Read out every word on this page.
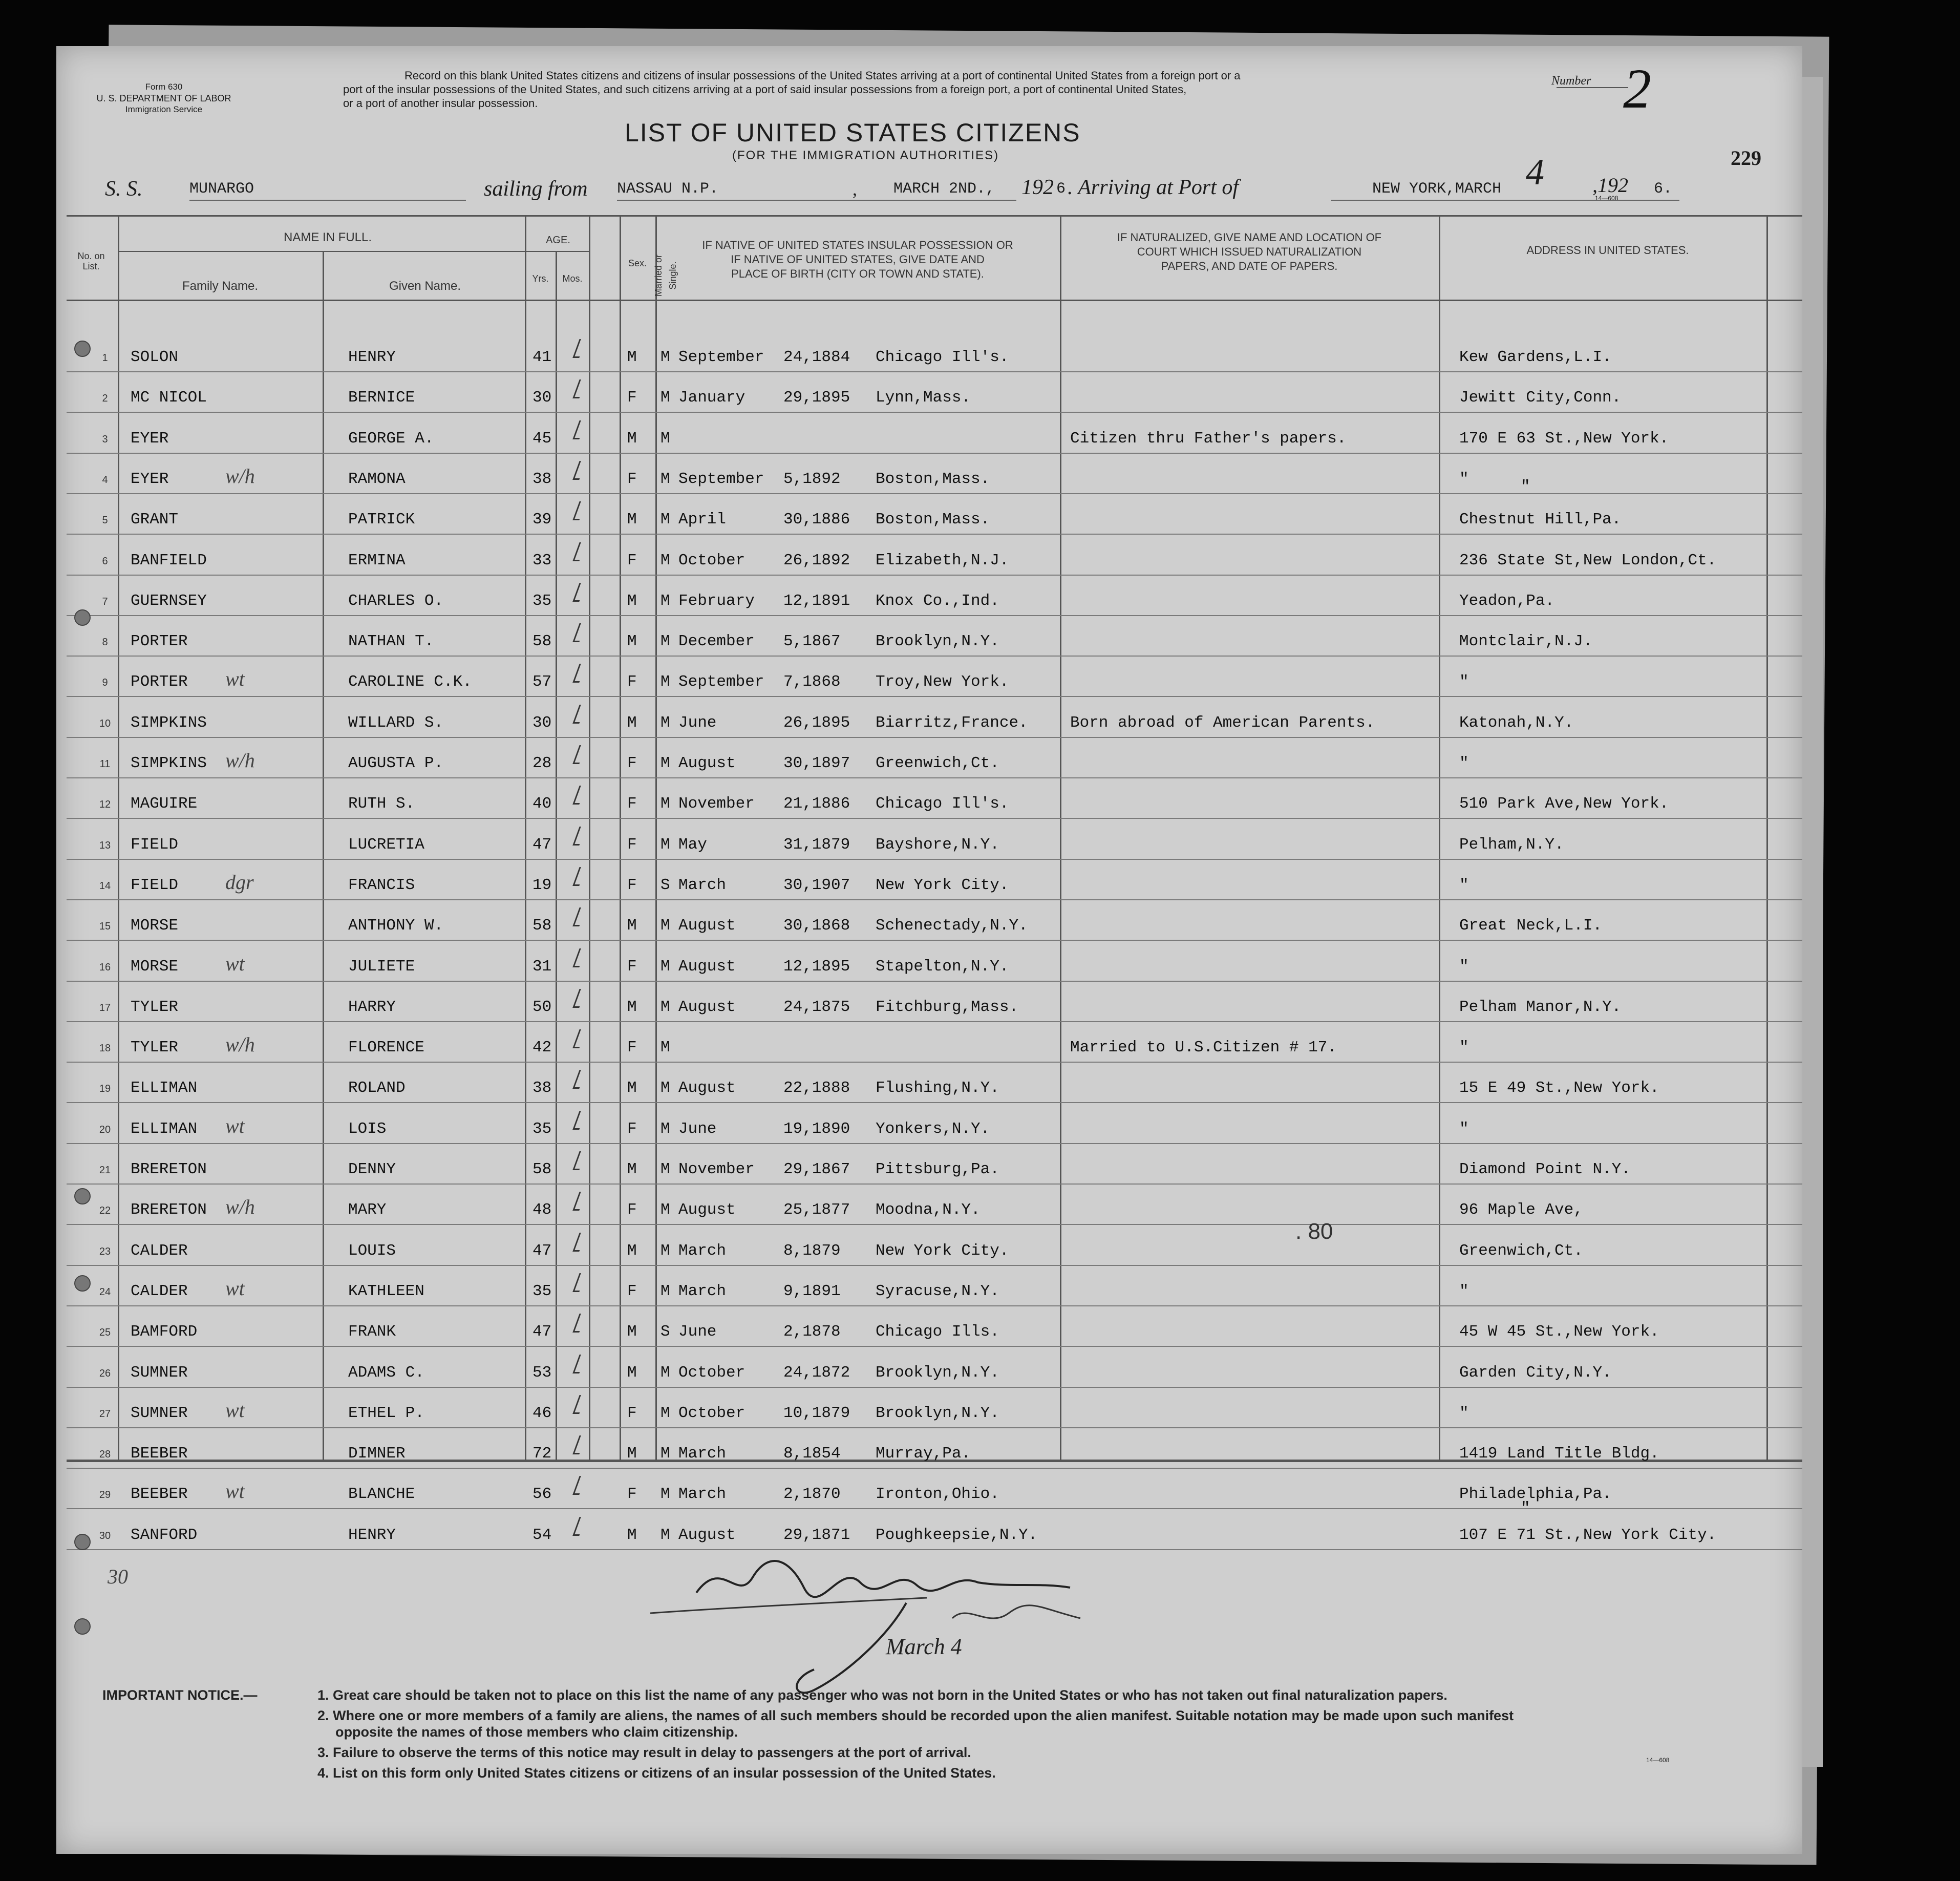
Form 630
U. S. DEPARTMENT OF LABOR
Immigration Service
Record on this blank United States citizens and citizens of insular possessions of the United States arriving at a port of continental United States from a foreign port or a
port of the insular possessions of the United States, and such citizens arriving at a port of said insular possessions from a foreign port, a port of continental United States,
or a port of another insular possession.
LIST OF UNITED STATES CITIZENS
(FOR THE IMMIGRATION AUTHORITIES)
Number 2
229
S. S.	MUNARGO	sailing from NASSAU N.P.	, MARCH 2ND., 192 6 . Arriving at Port of	NEW YORK,MARCH 4 ,192 6.
14—608
No. on List.
NAME IN FULL.
Family Name.	Given Name.
AGE.
Yrs.	Mos.
Sex. Married or Single.
IF NATIVE OF UNITED STATES INSULAR POSSESSION OR
IF NATIVE OF UNITED STATES, GIVE DATE AND
PLACE OF BIRTH (CITY OR TOWN AND STATE).
IF NATURALIZED, GIVE NAME AND LOCATION OF
COURT WHICH ISSUED NATURALIZATION
PAPERS, AND DATE OF PAPERS.
ADDRESS IN UNITED STATES.
1	SOLON	HENRY	41	M M September 24,1884 Chicago Ill's.	Kew Gardens,L.I.
2	MC NICOL	BERNICE	30	F M January 29,1895 Lynn,Mass.	Jewitt City,Conn.
3	EYER	GEORGE A.	45	M M	Citizen thru Father's papers.	170 E 63 St.,New York.
4	EYER	RAMONA	38	F M September 5,1892 Boston,Mass.	"
w/h
5	GRANT	PATRICK	39	M M April	30,1886 Boston,Mass.	Chestnut Hill,Pa.
6	BANFIELD	ERMINA	33	F M October 26,1892 Elizabeth,N.J.	236 State St,New London,Ct.
7	GUERNSEY	CHARLES O.	35	M M February 12,1891 Knox Co.,Ind.	Yeadon,Pa.
8	PORTER	NATHAN T.	58	M M December 5,1867 Brooklyn,N.Y.	Montclair,N.J.
9	PORTER	CAROLINE C.K.	57	F M September 7,1868 Troy,New York.	"
wt
10	SIMPKINS	WILLARD S.	30	M M June	26,1895 Biarritz,France.	Born abroad of American Parents.	Katonah,N.Y.
11	SIMPKINS	AUGUSTA P.	28	F M August	30,1897 Greenwich,Ct.	"
w/h
12	MAGUIRE	RUTH S.	40	F M November 21,1886 Chicago Ill's.	510 Park Ave,New York.
13	FIELD	LUCRETIA	47	F M May	31,1879 Bayshore,N.Y.	Pelham,N.Y.
14	FIELD	FRANCIS	19	F S March	30,1907 New York City.	"
dgr
15	MORSE	ANTHONY W.	58	M M August	30,1868 Schenectady,N.Y.	Great Neck,L.I.
16	MORSE	JULIETE	31	F M August	12,1895 Stapelton,N.Y.	"
wt
17	TYLER	HARRY	50	M M August	24,1875 Fitchburg,Mass.	Pelham Manor,N.Y.
18	TYLER	FLORENCE	42	F M	Married to U.S.Citizen # 17.	"
w/h
19	ELLIMAN	ROLAND	38	M M August	22,1888 Flushing,N.Y.	15 E 49 St.,New York.
20	ELLIMAN	LOIS	35	F M June	19,1890 Yonkers,N.Y.	"
wt
21	BRERETON	DENNY	58	M M November 29,1867 Pittsburg,Pa.	Diamond Point N.Y.
22	BRERETON	MARY	48	F M August	25,1877 Moodna,N.Y.	96 Maple Ave,
w/h
23	CALDER	LOUIS	47	M M March	8,1879 New York City.	Greenwich,Ct.
24	CALDER	KATHLEEN	35	F M March	9,1891 Syracuse,N.Y.	"
wt
25	BAMFORD	FRANK	47	M S June	2,1878 Chicago Ills.	45 W 45 St.,New York.
26	SUMNER	ADAMS C.	53	M M October 24,1872 Brooklyn,N.Y.	Garden City,N.Y.
27	SUMNER	ETHEL P.	46	F M October 10,1879 Brooklyn,N.Y.	"
wt
28	BEEBER	DIMNER	72	M M March	8,1854 Murray,Pa.	1419 Land Title Bldg.
29	BEEBER	BLANCHE	56	F M March	2,1870 Ironton,Ohio.	Philadelphia,Pa.
wt
30	SANFORD	HENRY	54	M M August	29,1871 Poughkeepsie,N.Y.	107 E 71 St.,New York City.
"
"
. 80
30
March 4
IMPORTANT NOTICE.—	1. Great care should be taken not to place on this list the name of any passenger who was not born in the United States or who has not taken out final naturalization papers.
2. Where one or more members of a family are aliens, the names of all such members should be recorded upon the alien manifest. Suitable notation may be made upon such manifest
opposite the names of those members who claim citizenship.
3. Failure to observe the terms of this notice may result in delay to passengers at the port of arrival.
4. List on this form only United States citizens or citizens of an insular possession of the United States.
14—608
